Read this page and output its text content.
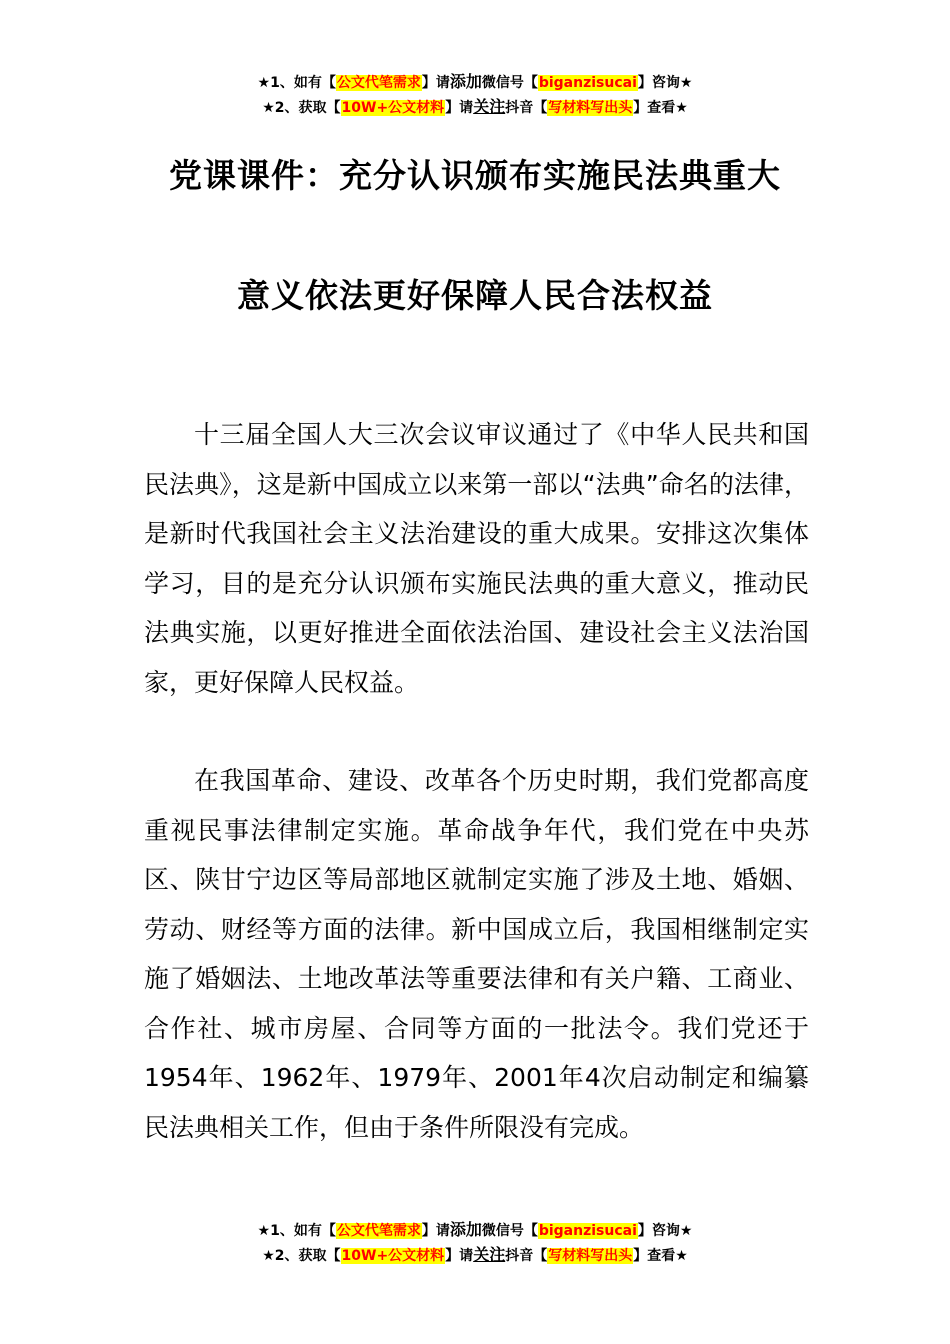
★1、如有【公文代笔需求】请添加微信号【biganzisucai】咨询★
★2、获取【10W+公文材料】请关注抖音【写材料写出头】查看★
党课课件：充分认识颁布实施民法典重大
意义依法更好保障人民合法权益

十三届全国人大三次会议审议通过了《中华人民共和国民法典》，这是新中国成立以来第一部以“法典”命名的法律，是新时代我国社会主义法治建设的重大成果。安排这次集体学习，目的是充分认识颁布实施民法典的重大意义，推动民法典实施，以更好推进全面依法治国、建设社会主义法治国家，更好保障人民权益。

在我国革命、建设、改革各个历史时期，我们党都高度重视民事法律制定实施。革命战争年代，我们党在中央苏区、陕甘宁边区等局部地区就制定实施了涉及土地、婚姻、劳动、财经等方面的法律。新中国成立后，我国相继制定实施了婚姻法、土地改革法等重要法律和有关户籍、工商业、合作社、城市房屋、合同等方面的一批法令。我们党还于1954年、1962年、1979年、2001年4次启动制定和编纂民法典相关工作，但由于条件所限没有完成。

★1、如有【公文代笔需求】请添加微信号【biganzisucai】咨询★
★2、获取【10W+公文材料】请关注抖音【写材料写出头】查看★
